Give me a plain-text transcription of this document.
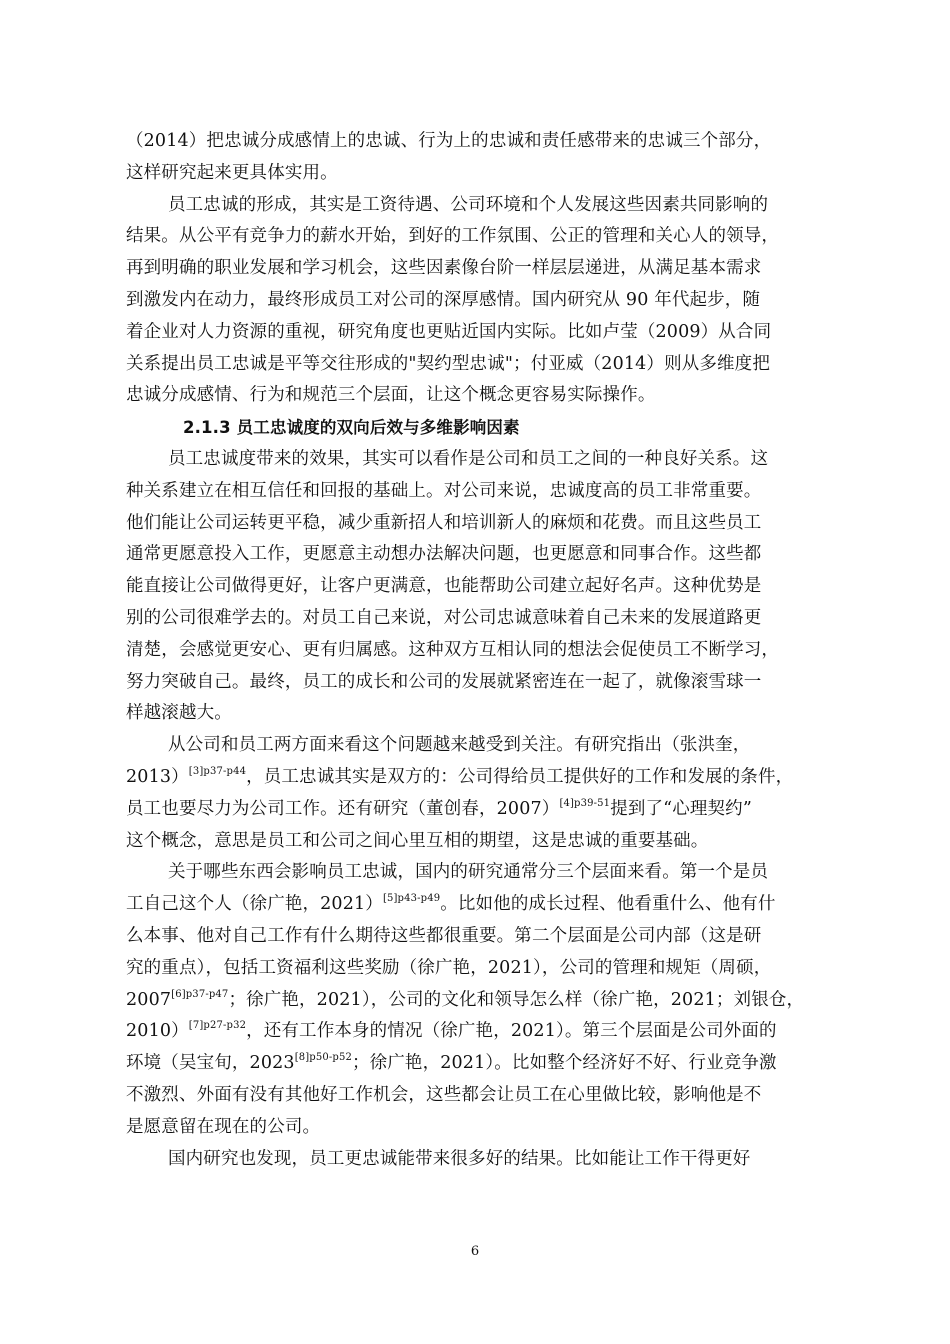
（2014）把忠诚分成感情上的忠诚、行为上的忠诚和责任感带来的忠诚三个部分，
这样研究起来更具体实用。
员工忠诚的形成，其实是工资待遇、公司环境和个人发展这些因素共同影响的
结果。从公平有竞争力的薪水开始，到好的工作氛围、公正的管理和关心人的领导，
再到明确的职业发展和学习机会，这些因素像台阶一样层层递进，从满足基本需求
到激发内在动力，最终形成员工对公司的深厚感情。国内研究从 90 年代起步，随
着企业对人力资源的重视，研究角度也更贴近国内实际。比如卢莹（2009）从合同
关系提出员工忠诚是平等交往形成的"契约型忠诚"；付亚威（2014）则从多维度把
忠诚分成感情、行为和规范三个层面，让这个概念更容易实际操作。
2.1.3 员工忠诚度的双向后效与多维影响因素
员工忠诚度带来的效果，其实可以看作是公司和员工之间的一种良好关系。这
种关系建立在相互信任和回报的基础上。对公司来说，忠诚度高的员工非常重要。
他们能让公司运转更平稳，减少重新招人和培训新人的麻烦和花费。而且这些员工
通常更愿意投入工作，更愿意主动想办法解决问题，也更愿意和同事合作。这些都
能直接让公司做得更好，让客户更满意，也能帮助公司建立起好名声。这种优势是
别的公司很难学去的。对员工自己来说，对公司忠诚意味着自己未来的发展道路更
清楚，会感觉更安心、更有归属感。这种双方互相认同的想法会促使员工不断学习，
努力突破自己。最终，员工的成长和公司的发展就紧密连在一起了，就像滚雪球一
样越滚越大。
从公司和员工两方面来看这个问题越来越受到关注。有研究指出（张洪奎，
2013）$^{[3]p37-p44}$，员工忠诚其实是双方的：公司得给员工提供好的工作和发展的条件，
员工也要尽力为公司工作。还有研究（董创春，2007）$^{[4]p39-51}$提到了“心理契约”
这个概念，意思是员工和公司之间心里互相的期望，这是忠诚的重要基础。
关于哪些东西会影响员工忠诚，国内的研究通常分三个层面来看。第一个是员
工自己这个人（徐广艳，2021）$^{[5]p43-p49}$。比如他的成长过程、他看重什么、他有什
么本事、他对自己工作有什么期待这些都很重要。第二个层面是公司内部（这是研
究的重点），包括工资福利这些奖励（徐广艳，2021），公司的管理和规矩（周硕，
$2007^{[6]p37-p47}$；徐广艳，2021），公司的文化和领导怎么样（徐广艳，2021；刘银仓，
2010）$^{[7]p27-p32}$，还有工作本身的情况（徐广艳，2021）。第三个层面是公司外面的
环境（吴宝旬，$2023^{[8]p50-p52}$；徐广艳，2021）。比如整个经济好不好、行业竞争激
不激烈、外面有没有其他好工作机会，这些都会让员工在心里做比较，影响他是不
是愿意留在现在的公司。
国内研究也发现，员工更忠诚能带来很多好的结果。比如能让工作干得更好
6
